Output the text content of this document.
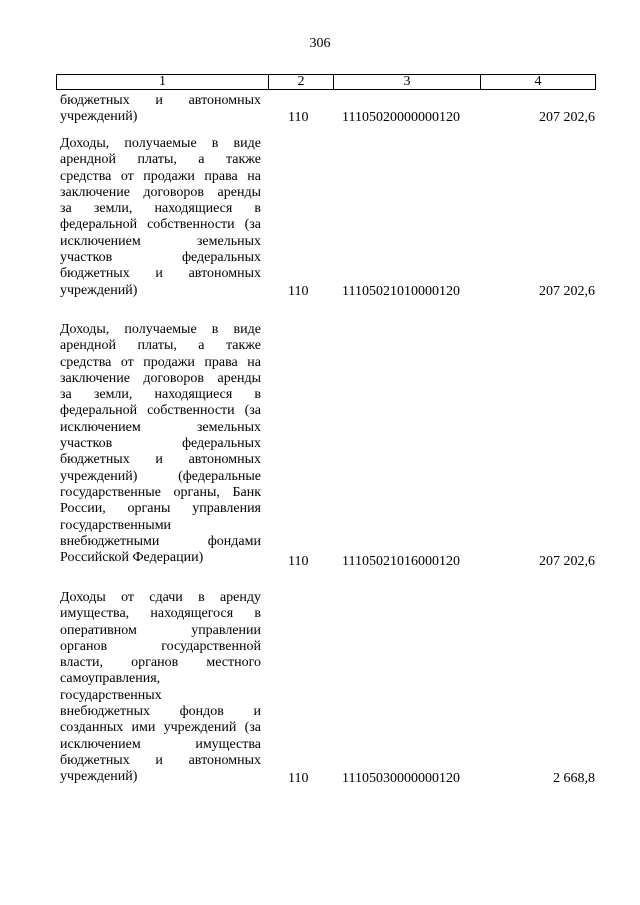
306
1	2	3	4
бюджетных и автономных
учреждений)	110 11105020000000120	207 202,6
Доходы, получаемые в виде
арендной платы, а также
средства от продажи права на
заключение договоров аренды
за земли, находящиеся в
федеральной собственности (за
исключением земельных
участков федеральных
бюджетных и автономных
учреждений)	110 11105021010000120	207 202,6
Доходы, получаемые в виде
арендной платы, а также
средства от продажи права на
заключение договоров аренды
за земли, находящиеся в
федеральной собственности (за
исключением земельных
участков федеральных
бюджетных и автономных
учреждений) (федеральные
государственные органы, Банк
России, органы управления
государственными
внебюджетными фондами
Российской Федерации)	110 11105021016000120	207 202,6
Доходы от сдачи в аренду
имущества, находящегося в
оперативном управлении
органов государственной
власти, органов местного
самоуправления,
государственных
внебюджетных фондов и
созданных ими учреждений (за
исключением имущества
бюджетных и автономных
учреждений)	110 11105030000000120	2 668,8
